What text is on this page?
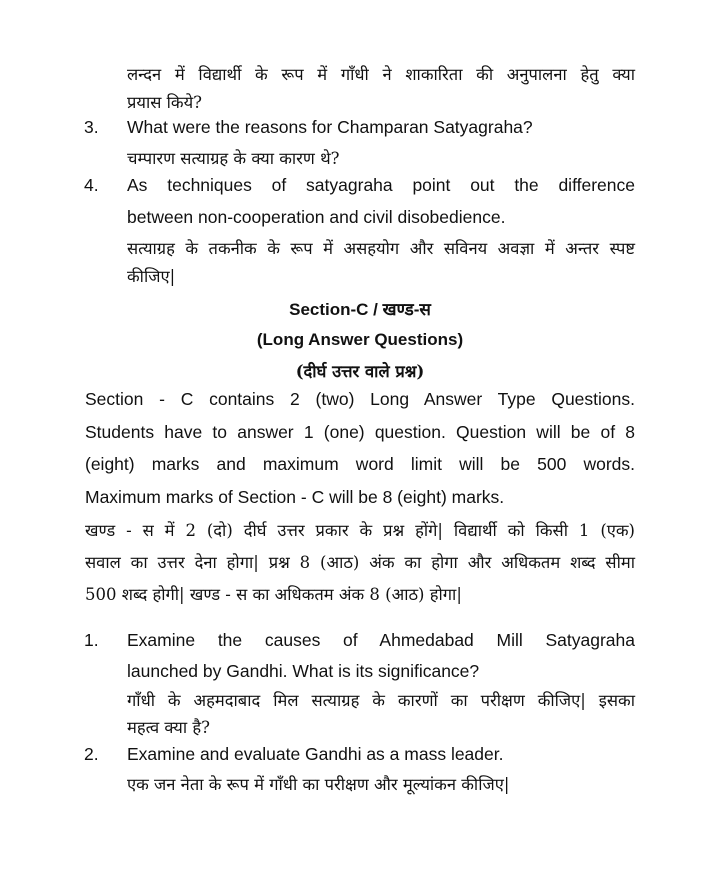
लन्दन में विद्यार्थी के रूप में गाँधी ने शाकारिता की अनुपालना हेतु क्या
प्रयास किये?
3. What were the reasons for Champaran Satyagraha?
चम्पारण सत्याग्रह के क्या कारण थे?
4. As techniques of satyagraha point out the difference
between non-cooperation and civil disobedience.
सत्याग्रह के तकनीक के रूप में असहयोग और सविनय अवज्ञा में अन्तर स्पष्ट
कीजिए|
Section-C / खण्ड-स
(Long Answer Questions)
(दीर्घ उत्तर वाले प्रश्न)
Section - C contains 2 (two) Long Answer Type Questions.
Students have to answer 1 (one) question. Question will be of 8
(eight) marks and maximum word limit will be 500 words.
Maximum marks of Section - C will be 8 (eight) marks.
खण्ड - स में 2 (दो) दीर्घ उत्तर प्रकार के प्रश्न होंगे| विद्यार्थी को किसी 1 (एक)
सवाल का उत्तर देना होगा| प्रश्न 8 (आठ) अंक का होगा और अधिकतम शब्द सीमा
500 शब्द होगी| खण्ड - स का अधिकतम अंक 8 (आठ) होगा|
1. Examine the causes of Ahmedabad Mill Satyagraha
launched by Gandhi. What is its significance?
गाँधी के अहमदाबाद मिल सत्याग्रह के कारणों का परीक्षण कीजिए| इसका
महत्व क्या है?
2. Examine and evaluate Gandhi as a mass leader.
एक जन नेता के रूप में गाँधी का परीक्षण और मूल्यांकन कीजिए|
